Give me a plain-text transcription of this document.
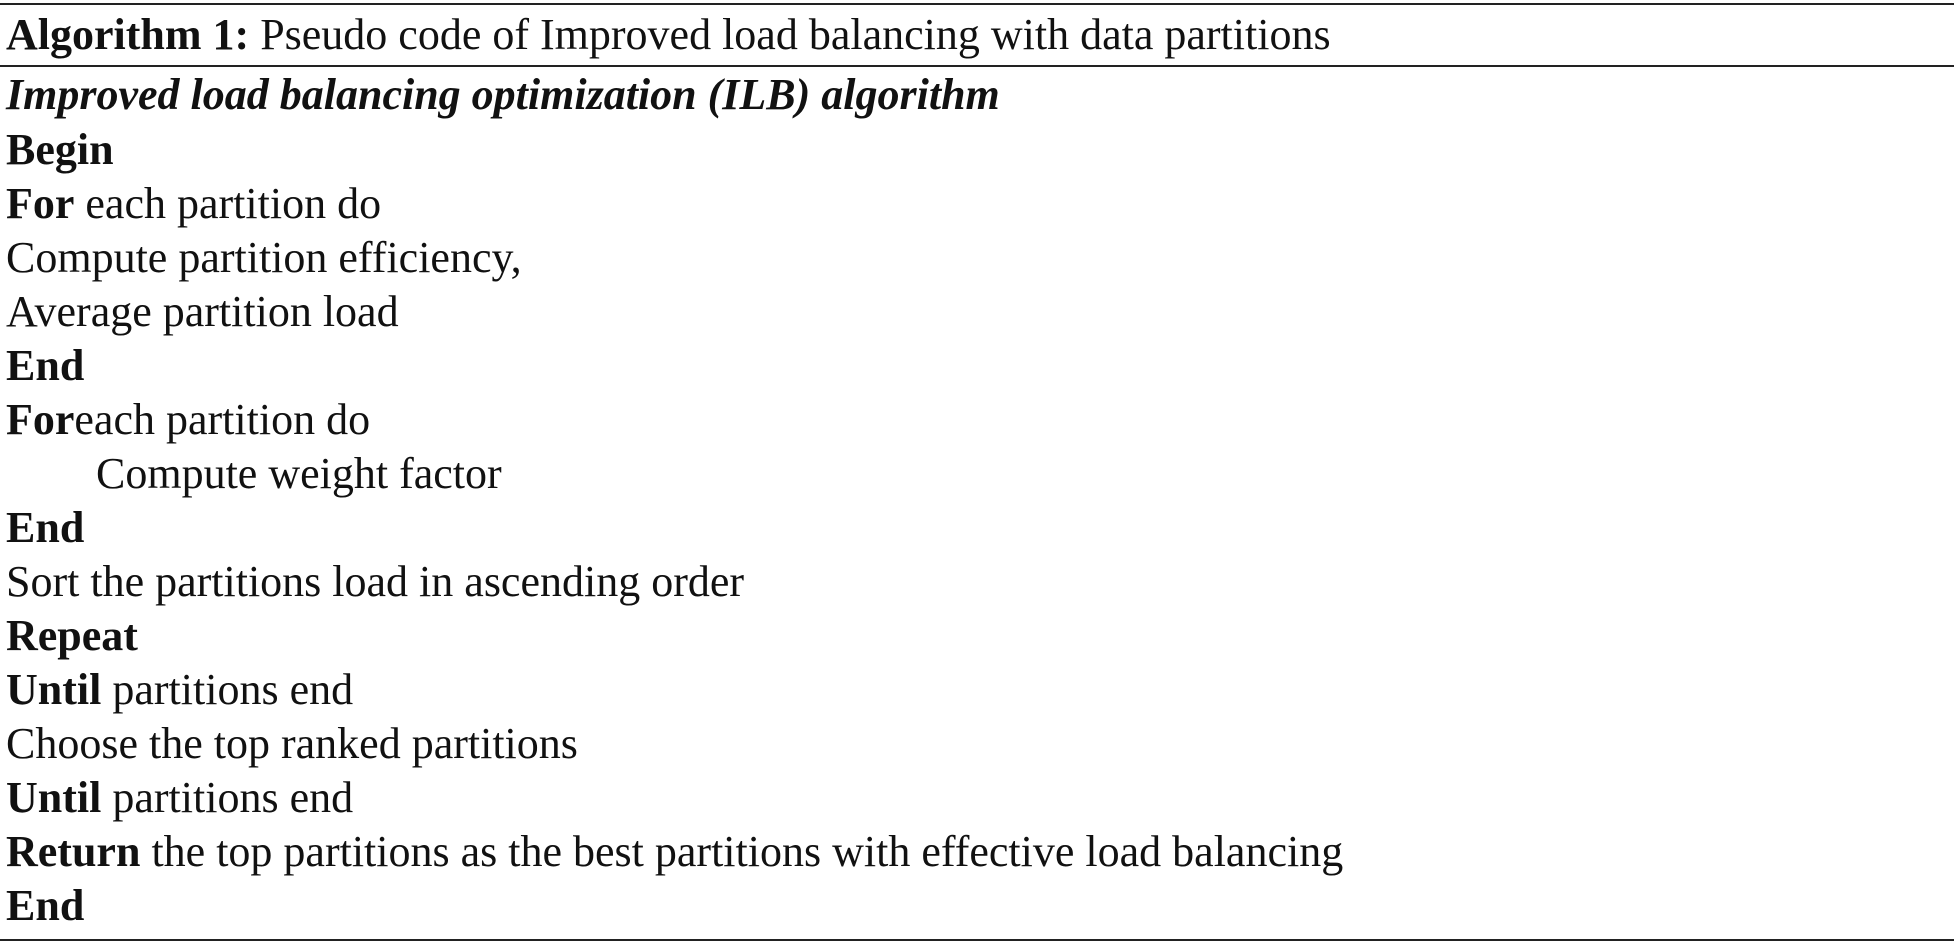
Algorithm 1: Pseudo code of Improved load balancing with data partitions
Improved load balancing optimization (ILB) algorithm
Begin
For each partition do
Compute partition efficiency,
Average partition load
End
Foreach partition do
Compute weight factor
End
Sort the partitions load in ascending order
Repeat
Until partitions end
Choose the top ranked partitions
Until partitions end
Return the top partitions as the best partitions with effective load balancing
End
